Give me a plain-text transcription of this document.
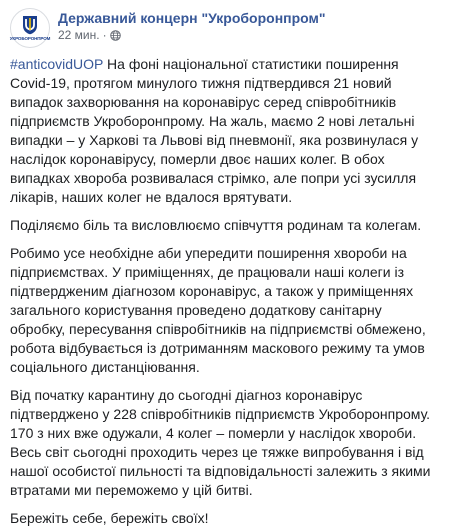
УКРОБОРОНПРОМ
Державний концерн "Укроборонпром"
22 мин. ·

#anticovidUOP На фоні національної статистики поширення Covid-19, протягом минулого тижня підтвердився 21 новий випадок захворювання на коронавірус серед співробітників підприємств Укроборонпрому. На жаль, маємо 2 нові летальні випадки – у Харкові та Львові від пневмонії, яка розвинулася у наслідок коронавірусу, померли двоє наших колег. В обох випадках хвороба розвивалася стрімко, але попри усі зусилля лікарів, наших колег не вдалося врятувати.

Поділяємо біль та висловлюємо співчуття родинам та колегам.

Робимо усе необхідне аби упередити поширення хвороби на підприємствах. У приміщеннях, де працювали наші колеги із підтвердженим діагнозом коронавірус, а також у приміщеннях загального користування проведено додаткову санітарну обробку, пересування співробітників на підприємстві обмежено, робота відбувається із дотриманням маскового режиму та умов соціального дистанціювання.

Від початку карантину до сьогодні діагноз коронавірус підтверджено у 228 співробітників підприємств Укроборонпрому. 170 з них вже одужали, 4 колег – померли у наслідок хвороби. Весь світ сьогодні проходить через це тяжке випробування і від нашої особистої пильності та відповідальності залежить з якими втратами ми переможемо у цій битві.

Бережіть себе, бережіть своїх!
